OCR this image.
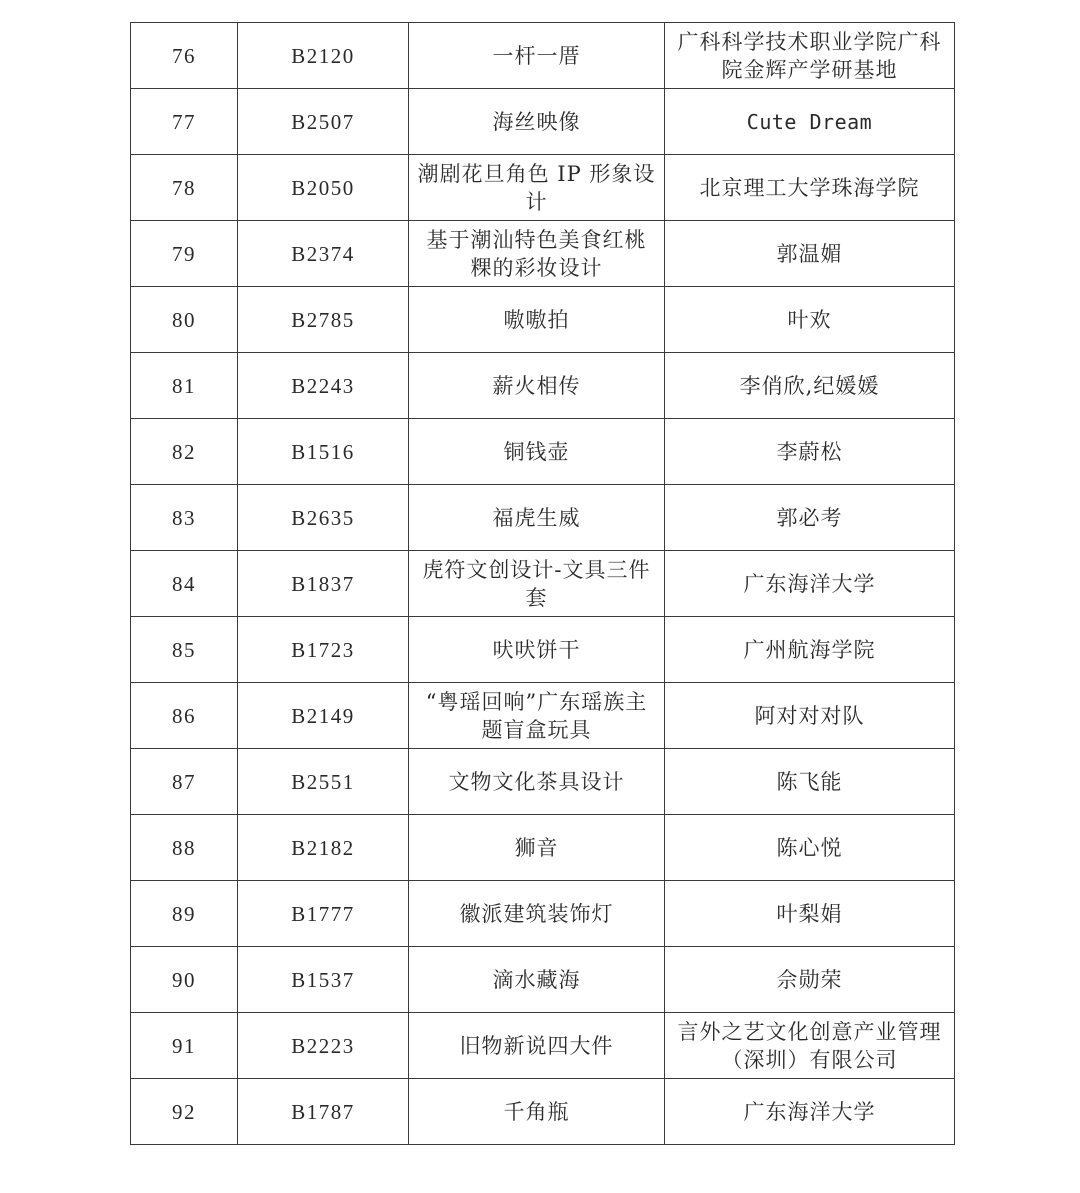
76	B2120	一杆一厝	广科科学技术职业学院广科院金辉产学研基地
77	B2507	海丝映像	Cute Dream
78	B2050	潮剧花旦角色 IP 形象设计	北京理工大学珠海学院
79	B2374	基于潮汕特色美食红桃粿的彩妆设计	郭温媚
80	B2785	嗷嗷拍	叶欢
81	B2243	薪火相传	李俏欣,纪媛媛
82	B1516	铜钱壶	李蔚松
83	B2635	福虎生威	郭必考
84	B1837	虎符文创设计-文具三件套	广东海洋大学
85	B1723	吠吠饼干	广州航海学院
86	B2149	“粤瑶回响”广东瑶族主题盲盒玩具	阿对对对队
87	B2551	文物文化茶具设计	陈飞能
88	B2182	狮音	陈心悦
89	B1777	徽派建筑装饰灯	叶梨娟
90	B1537	滴水藏海	佘勋荣
91	B2223	旧物新说四大件	言外之艺文化创意产业管理（深圳）有限公司
92	B1787	千角瓶	广东海洋大学
